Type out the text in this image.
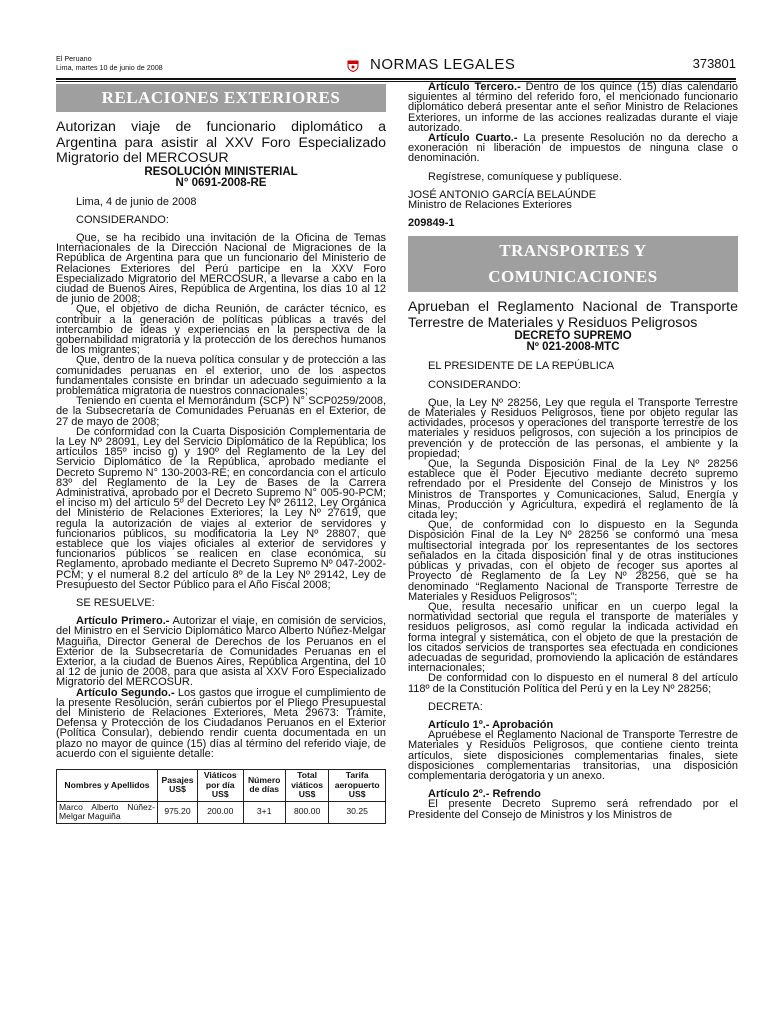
El Peruano
Lima, martes 10 de junio de 2008	NORMAS LEGALES	373801
RELACIONES EXTERIORES

Autorizan viaje de funcionario diplomático a Argentina para asistir al XXV Foro Especializado Migratorio del MERCOSUR

RESOLUCIÓN MINISTERIAL
N° 0691-2008-RE

Lima, 4 de junio de 2008

CONSIDERANDO:

Que, se ha recibido una invitación de la Oficina de Temas Internacionales de la Dirección Nacional de Migraciones de la República de Argentina para que un funcionario del Ministerio de Relaciones Exteriores del Perú participe en la XXV Foro Especializado Migratorio del MERCOSUR, a llevarse a cabo en la ciudad de Buenos Aires, República de Argentina, los días 10 al 12 de junio de 2008;

Que, el objetivo de dicha Reunión, de carácter técnico, es contribuir a la generación de políticas públicas a través del intercambio de ideas y experiencias en la perspectiva de la gobernabilidad migratoria y la protección de los derechos humanos de los migrantes;

Que, dentro de la nueva política consular y de protección a las comunidades peruanas en el exterior, uno de los aspectos fundamentales consiste en brindar un adecuado seguimiento a la problemática migratoria de nuestros connacionales;

Teniendo en cuenta el Memorándum (SCP) N° SCP0259/2008, de la Subsecretaría de Comunidades Peruanas en el Exterior, de 27 de mayo de 2008;

De conformidad con la Cuarta Disposición Complementaria de la Ley Nº 28091, Ley del Servicio Diplomático de la República; los artículos 185º inciso g) y 190º del Reglamento de la Ley del Servicio Diplomático de la República, aprobado mediante el Decreto Supremo N° 130-2003-RE; en concordancia con el artículo 83º del Reglamento de la Ley de Bases de la Carrera Administrativa, aprobado por el Decreto Supremo N° 005-90-PCM; el inciso m) del artículo 5º del Decreto Ley Nº 26112, Ley Orgánica del Ministerio de Relaciones Exteriores; la Ley Nº 27619, que regula la autorización de viajes al exterior de servidores y funcionarios públicos, su modificatoria la Ley Nº 28807, que establece que los viajes oficiales al exterior de servidores y funcionarios públicos se realicen en clase económica, su Reglamento, aprobado mediante el Decreto Supremo Nº 047-2002-PCM; y el numeral 8.2 del artículo 8º de la Ley Nº 29142, Ley de Presupuesto del Sector Público para el Año Fiscal 2008;

SE RESUELVE:

Artículo Primero.- Autorizar el viaje, en comisión de servicios, del Ministro en el Servicio Diplomático Marco Alberto Núñez-Melgar Maguiña, Director General de Derechos de los Peruanos en el Exterior de la Subsecretaría de Comunidades Peruanas en el Exterior, a la ciudad de Buenos Aires, República Argentina, del 10 al 12 de junio de 2008, para que asista al XXV Foro Especializado Migratorio del MERCOSUR.

Artículo Segundo.- Los gastos que irrogue el cumplimiento de la presente Resolución, serán cubiertos por el Pliego Presupuestal del Ministerio de Relaciones Exteriores, Meta 29673: Trámite, Defensa y Protección de los Ciudadanos Peruanos en el Exterior (Política Consular), debiendo rendir cuenta documentada en un plazo no mayor de quince (15) días al término del referido viaje, de acuerdo con el siguiente detalle:

Nombres y Apellidos	Pasajes US$	Viáticos por día US$	Número de días	Total viáticos US$	Tarifa aeropuerto US$
Marco Alberto Núñez-Melgar Maguiña	975.20	200.00	3+1	800.00	30.25

Artículo Tercero.- Dentro de los quince (15) días calendario siguientes al término del referido foro, el mencionado funcionario diplomático deberá presentar ante el señor Ministro de Relaciones Exteriores, un informe de las acciones realizadas durante el viaje autorizado.

Artículo Cuarto.- La presente Resolución no da derecho a exoneración ni liberación de impuestos de ninguna clase o denominación.

Regístrese, comuníquese y publíquese.

JOSÉ ANTONIO GARCÍA BELAÚNDE

Ministro de Relaciones Exteriores

209849-1

TRANSPORTES Y
COMUNICACIONES

Aprueban el Reglamento Nacional de Transporte Terrestre de Materiales y Residuos Peligrosos

DECRETO SUPREMO
Nº 021-2008-MTC

EL PRESIDENTE DE LA REPÚBLICA

CONSIDERANDO:

Que, la Ley Nº 28256, Ley que regula el Transporte Terrestre de Materiales y Residuos Peligrosos, tiene por objeto regular las actividades, procesos y operaciones del transporte terrestre de los materiales y residuos peligrosos, con sujeción a los principios de prevención y de protección de las personas, el ambiente y la propiedad;

Que, la Segunda Disposición Final de la Ley Nº 28256 establece que el Poder Ejecutivo mediante decreto supremo refrendado por el Presidente del Consejo de Ministros y los Ministros de Transportes y Comunicaciones, Salud, Energía y Minas, Producción y Agricultura, expedirá el reglamento de la citada ley;

Que, de conformidad con lo dispuesto en la Segunda Disposición Final de la Ley Nº 28256 se conformó una mesa multisectorial integrada por los representantes de los sectores señalados en la citada disposición final y de otras instituciones públicas y privadas, con el objeto de recoger sus aportes al Proyecto de Reglamento de la Ley Nº 28256, que se ha denominado “Reglamento Nacional de Transporte Terrestre de Materiales y Residuos Peligrosos”;

Que, resulta necesario unificar en un cuerpo legal la normatividad sectorial que regula el transporte de materiales y residuos peligrosos, así como regular la indicada actividad en forma integral y sistemática, con el objeto de que la prestación de los citados servicios de transportes sea efectuada en condiciones adecuadas de seguridad, promoviendo la aplicación de estándares internacionales;

De conformidad con lo dispuesto en el numeral 8 del artículo 118º de la Constitución Política del Perú y en la Ley Nº 28256;

DECRETA:

Artículo 1º.- Aprobación

Apruébese el Reglamento Nacional de Transporte Terrestre de Materiales y Residuos Peligrosos, que contiene ciento treinta artículos, siete disposiciones complementarias finales, siete disposiciones complementarias transitorias, una disposición complementaria derogatoria y un anexo.

Artículo 2º.- Refrendo

El presente Decreto Supremo será refrendado por el Presidente del Consejo de Ministros y los Ministros de
